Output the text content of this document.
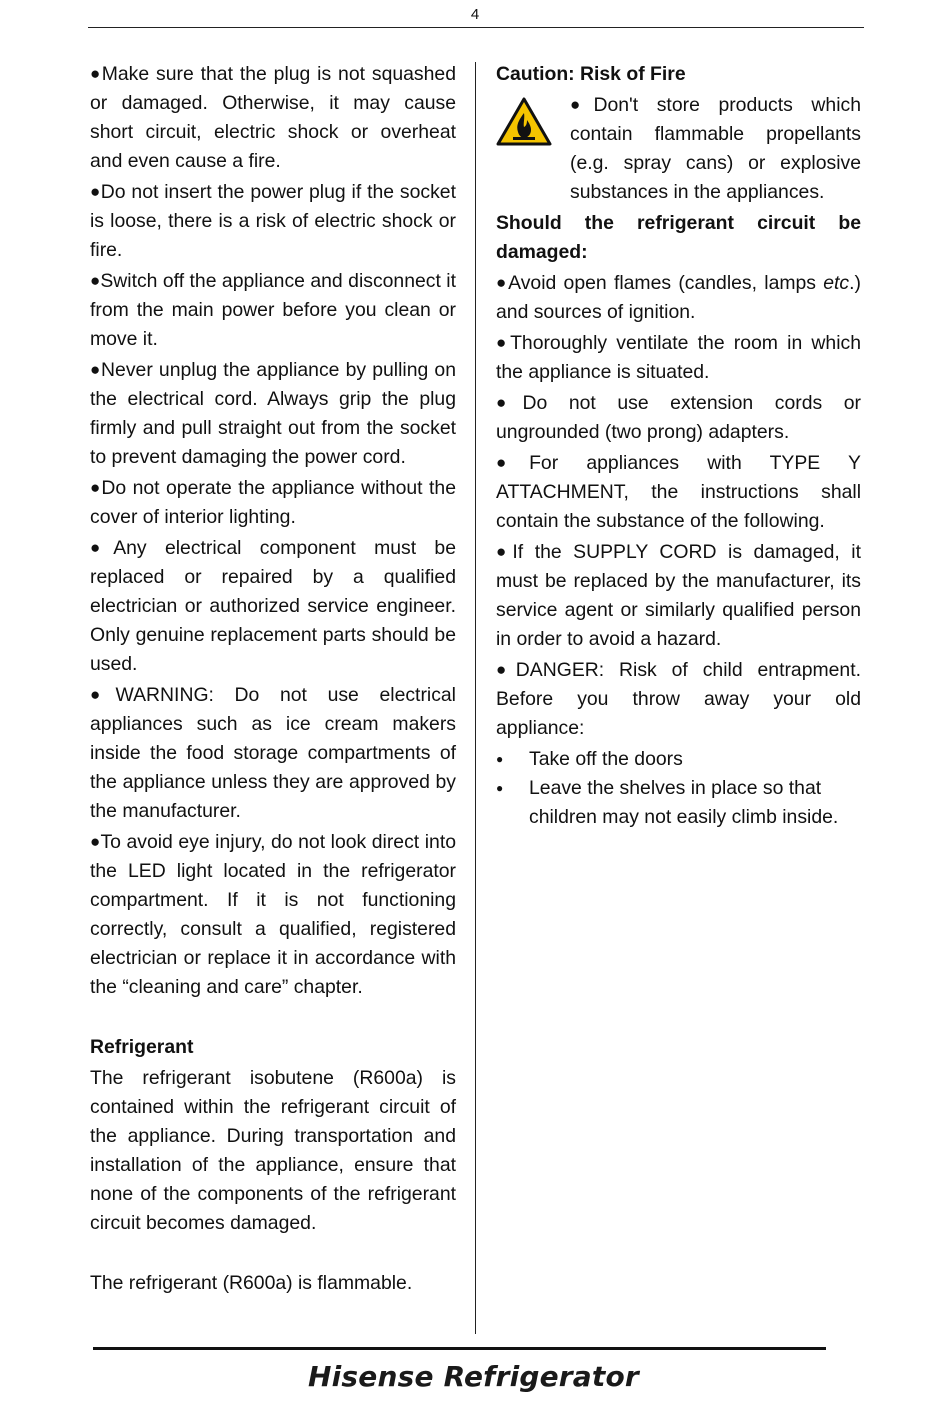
4

●Make sure that the plug is not squashed or damaged. Otherwise, it may cause short circuit, electric shock or overheat and even cause a fire.

●Do not insert the power plug if the socket is loose, there is a risk of electric shock or fire.

●Switch off the appliance and disconnect it from the main power before you clean or move it.

●Never unplug the appliance by pulling on the electrical cord. Always grip the plug firmly and pull straight out from the socket to prevent damaging the power cord.

●Do not operate the appliance without the cover of interior lighting.

●Any electrical component must be replaced or repaired by a qualified electrician or authorized service engineer. Only genuine replacement parts should be used.

●WARNING: Do not use electrical appliances such as ice cream makers inside the food storage compartments of the appliance unless they are approved by the manufacturer.

●To avoid eye injury, do not look direct into the LED light located in the refrigerator compartment. If it is not functioning correctly, consult a qualified, registered electrician or replace it in accordance with the “cleaning and care” chapter.

Refrigerant

The refrigerant isobutene (R600a) is contained within the refrigerant circuit of the appliance. During transportation and installation of the appliance, ensure that none of the components of the refrigerant circuit becomes damaged.

The refrigerant (R600a) is flammable.

Caution: Risk of Fire

●Don't store products which contain flammable propellants (e.g. spray cans) or explosive substances in the appliances.

Should the refrigerant circuit be damaged:

●Avoid open flames (candles, lamps etc.) and sources of ignition.

●Thoroughly ventilate the room in which the appliance is situated.

●Do not use extension cords or ungrounded (two prong) adapters.

●For appliances with TYPE Y ATTACHMENT, the instructions shall contain the substance of the following.

●If the SUPPLY CORD is damaged, it must be replaced by the manufacturer, its service agent or similarly qualified person in order to avoid a hazard.

●DANGER: Risk of child entrapment. Before you throw away your old appliance:

● Take off the doors
● Leave the shelves in place so that children may not easily climb inside.
Hisense Refrigerator
